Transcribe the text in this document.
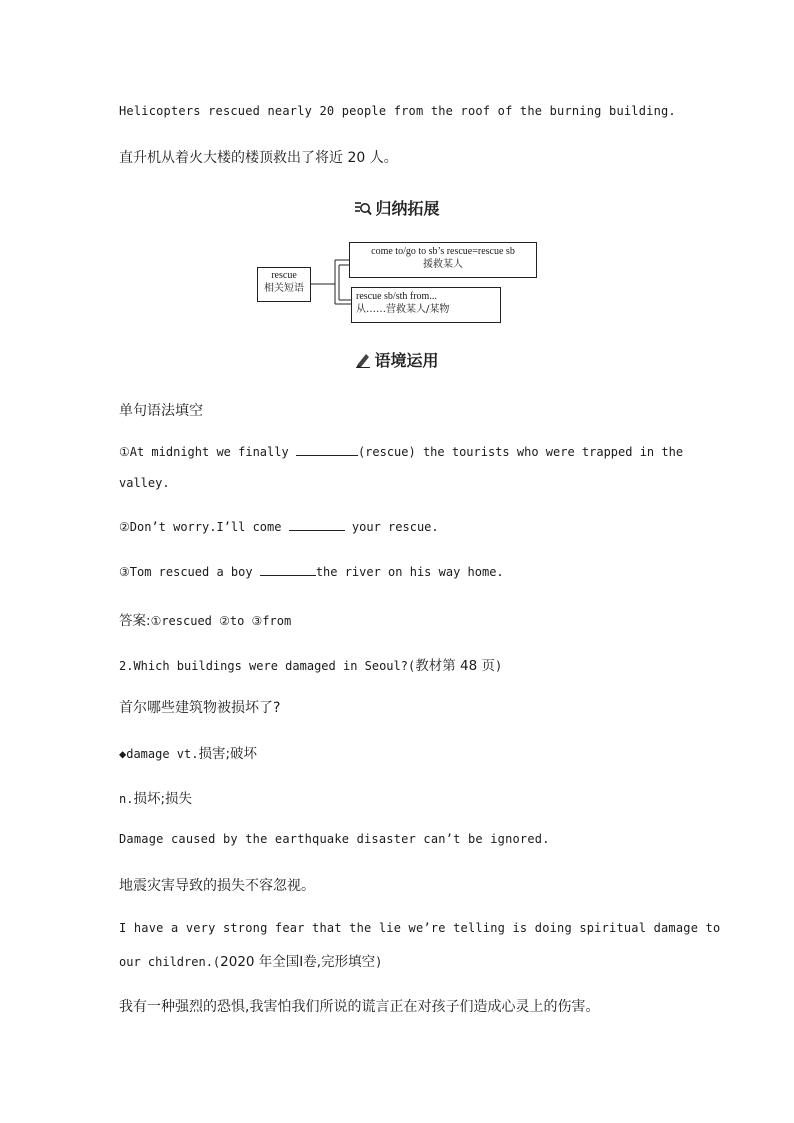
Helicopters rescued nearly 20 people from the roof of the burning building.
直升机从着火大楼的楼顶救出了将近 20 人。
归纳拓展
rescue
相关短语
come to/go to sb’s rescue=rescue sb
援救某人
rescue sb/sth from...
从……营救某人/某物
语境运用
单句语法填空
①At midnight we finally	(rescue) the tourists who were trapped in the
valley.
②Don’t worry.I’ll come	your rescue.
③Tom rescued a boy	the river on his way home.
答案:①rescued ②to ③from
2.Which buildings were damaged in Seoul?(教材第 48 页)
首尔哪些建筑物被损坏了?
◆damage vt.损害;破坏
n.损坏;损失
Damage caused by the earthquake disaster can’t be ignored.
地震灾害导致的损失不容忽视。
I have a very strong fear that the lie we’re telling is doing spiritual damage to
our children.(2020 年全国Ⅰ卷,完形填空)
我有一种强烈的恐惧,我害怕我们所说的谎言正在对孩子们造成心灵上的伤害。
